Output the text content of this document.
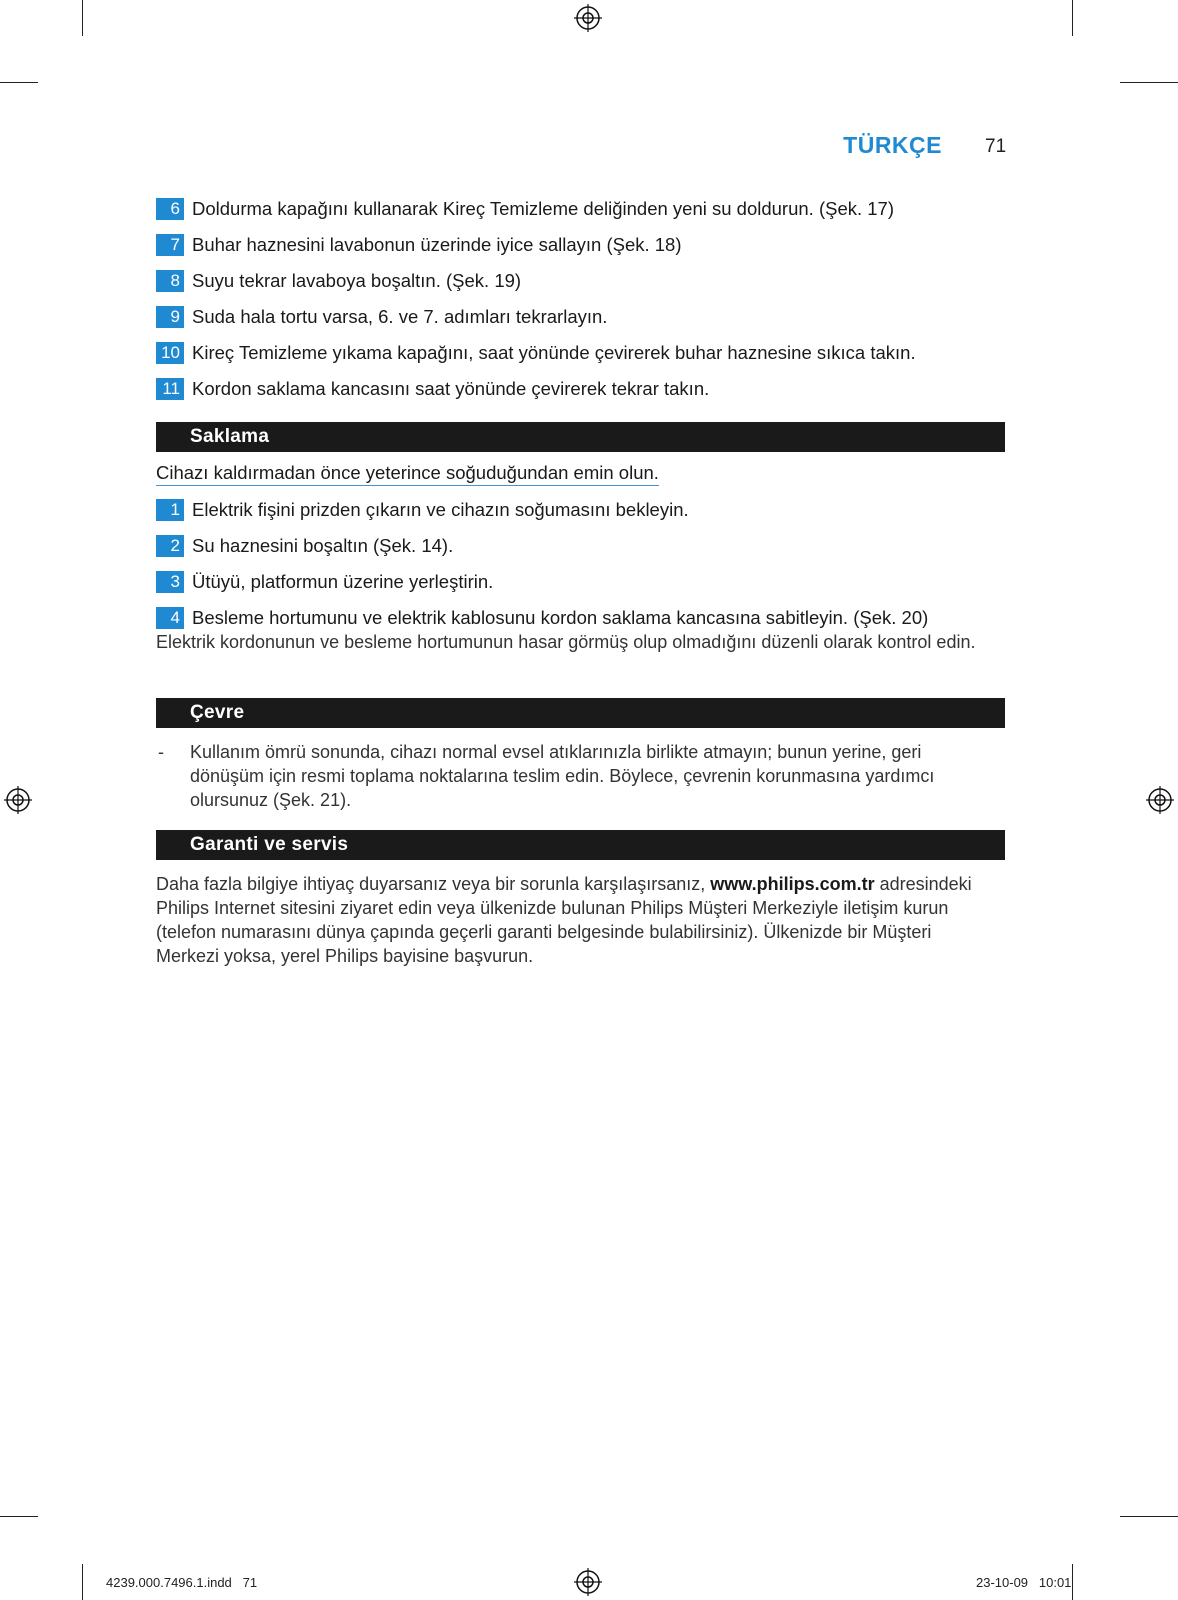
TÜRKÇE 71
6 Doldurma kapağını kullanarak Kireç Temizleme deliğinden yeni su doldurun. (Şek. 17)
7 Buhar haznesini lavabonun üzerinde iyice sallayın (Şek. 18)
8 Suyu tekrar lavaboya boşaltın. (Şek. 19)
9 Suda hala tortu varsa, 6. ve 7. adımları tekrarlayın.
10 Kireç Temizleme yıkama kapağını, saat yönünde çevirerek buhar haznesine sıkıca takın.
11 Kordon saklama kancasını saat yönünde çevirerek tekrar takın.
Saklama
Cihazı kaldırmadan önce yeterince soğuduğundan emin olun.
1 Elektrik fişini prizden çıkarın ve cihazın soğumasını bekleyin.
2 Su haznesini boşaltın (Şek. 14).
3 Ütüyü, platformun üzerine yerleştirin.
4 Besleme hortumunu ve elektrik kablosunu kordon saklama kancasına sabitleyin. (Şek. 20)
Elektrik kordonunun ve besleme hortumunun hasar görmüş olup olmadığını düzenli olarak kontrol edin.
Çevre
-	Kullanım ömrü sonunda, cihazı normal evsel atıklarınızla birlikte atmayın; bunun yerine, geri dönüşüm için resmi toplama noktalarına teslim edin. Böylece, çevrenin korunmasına yardımcı olursunuz (Şek. 21).
Garanti ve servis
Daha fazla bilgiye ihtiyaç duyarsanız veya bir sorunla karşılaşırsanız, www.philips.com.tr adresindeki Philips Internet sitesini ziyaret edin veya ülkenizde bulunan Philips Müşteri Merkeziyle iletişim kurun (telefon numarasını dünya çapında geçerli garanti belgesinde bulabilirsiniz). Ülkenizde bir Müşteri Merkezi yoksa, yerel Philips bayisine başvurun.
4239.000.7496.1.indd   71	23-10-09   10:01
